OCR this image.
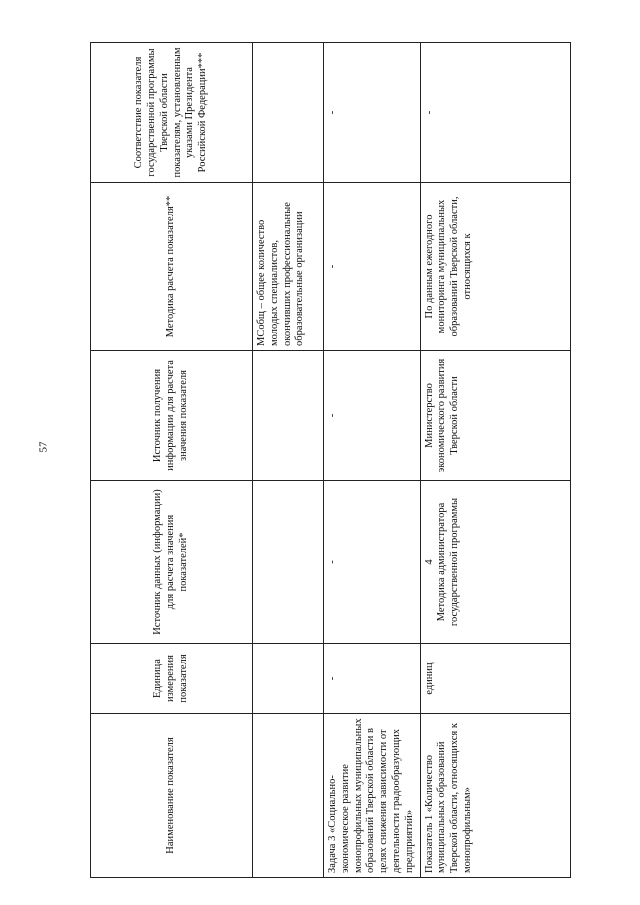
57
Наименование показателя	Единица измерения показателя	Источник данных (информации) для расчета значения показателей*	Источник получения информации для расчета значения показателя	Методика расчета показателя**	Соответствие показателя государственной программы Тверской области показателям, установленным указами Президента Российской Федерации***
				МСобщ – общее количество молодых специалистов, окончивших профессиональные образовательные организации	
Задача 3 «Социально-экономическое развитие монопрофильных муниципальных образований Тверской области в целях снижения зависимости от деятельности градообразующих предприятий»	-	-	-	-	-
Показатель 1 «Количество муниципальных образований Тверской области, относящихся к монопрофильным»	единиц	4 Методика администратора государственной программы	Министерство экономического развития Тверской области	По данным ежегодного мониторинга муниципальных образований Тверской области, относящихся к	-
